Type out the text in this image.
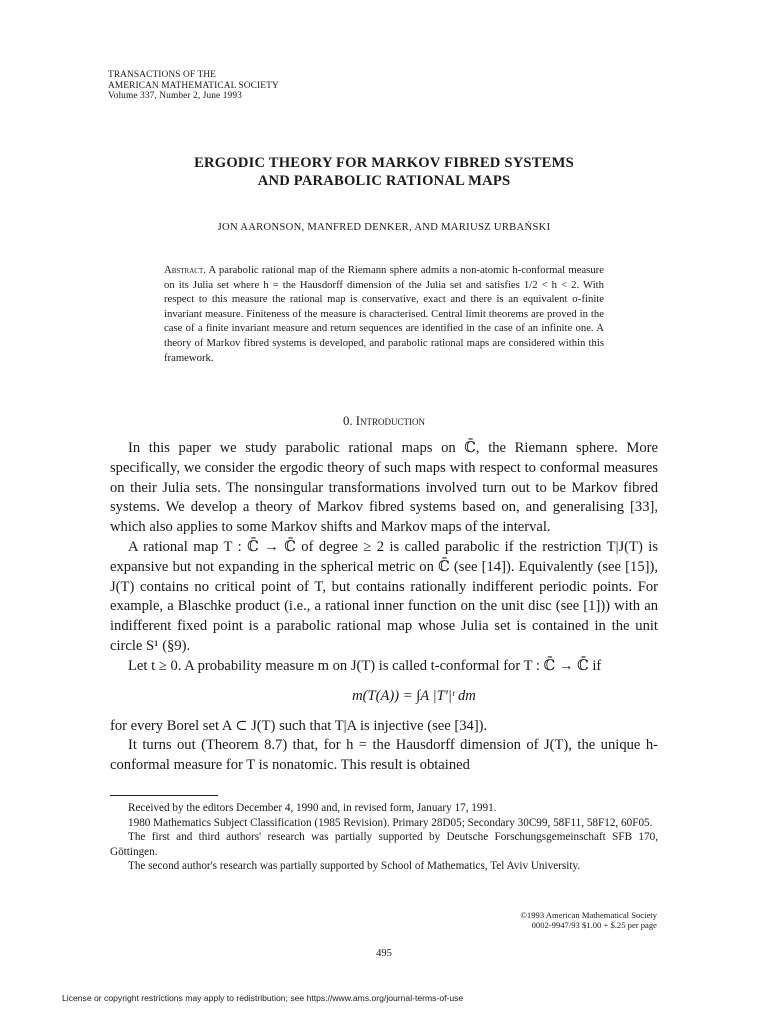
TRANSACTIONS OF THE
AMERICAN MATHEMATICAL SOCIETY
Volume 337, Number 2, June 1993
ERGODIC THEORY FOR MARKOV FIBRED SYSTEMS
AND PARABOLIC RATIONAL MAPS
JON AARONSON, MANFRED DENKER, AND MARIUSZ URBAŃSKI
Abstract. A parabolic rational map of the Riemann sphere admits a non-atomic h-conformal measure on its Julia set where h = the Hausdorff dimension of the Julia set and satisfies 1/2 < h < 2. With respect to this measure the rational map is conservative, exact and there is an equivalent σ-finite invariant measure. Finiteness of the measure is characterised. Central limit theorems are proved in the case of a finite invariant measure and return sequences are identified in the case of an infinite one. A theory of Markov fibred systems is developed, and parabolic rational maps are considered within this framework.
0. Introduction

In this paper we study parabolic rational maps on ℂ̄, the Riemann sphere. More specifically, we consider the ergodic theory of such maps with respect to conformal measures on their Julia sets. The nonsingular transformations involved turn out to be Markov fibred systems. We develop a theory of Markov fibred systems based on, and generalising [33], which also applies to some Markov shifts and Markov maps of the interval.

A rational map T : ℂ̄ → ℂ̄ of degree ≥ 2 is called parabolic if the restriction T|J(T) is expansive but not expanding in the spherical metric on ℂ̄ (see [14]). Equivalently (see [15]), J(T) contains no critical point of T, but contains rationally indifferent periodic points. For example, a Blaschke product (i.e., a rational inner function on the unit disc (see [1])) with an indifferent fixed point is a parabolic rational map whose Julia set is contained in the unit circle S¹ (§9).

Let t ≥ 0. A probability measure m on J(T) is called t-conformal for T : ℂ̄ → ℂ̄ if

m(T(A)) = ∫A |T′|ᵗ dm

for every Borel set A ⊂ J(T) such that T|A is injective (see [34]).

It turns out (Theorem 8.7) that, for h = the Hausdorff dimension of J(T), the unique h-conformal measure for T is nonatomic. This result is obtained

Received by the editors December 4, 1990 and, in revised form, January 17, 1991.

1980 Mathematics Subject Classification (1985 Revision). Primary 28D05; Secondary 30C99, 58F11, 58F12, 60F05.

The first and third authors' research was partially supported by Deutsche Forschungsgemeinschaft SFB 170, Göttingen.

The second author's research was partially supported by School of Mathematics, Tel Aviv University.

©1993 American Mathematical Society
0002-9947/93 $1.00 + $.25 per page
495
License or copyright restrictions may apply to redistribution; see https://www.ams.org/journal-terms-of-use
